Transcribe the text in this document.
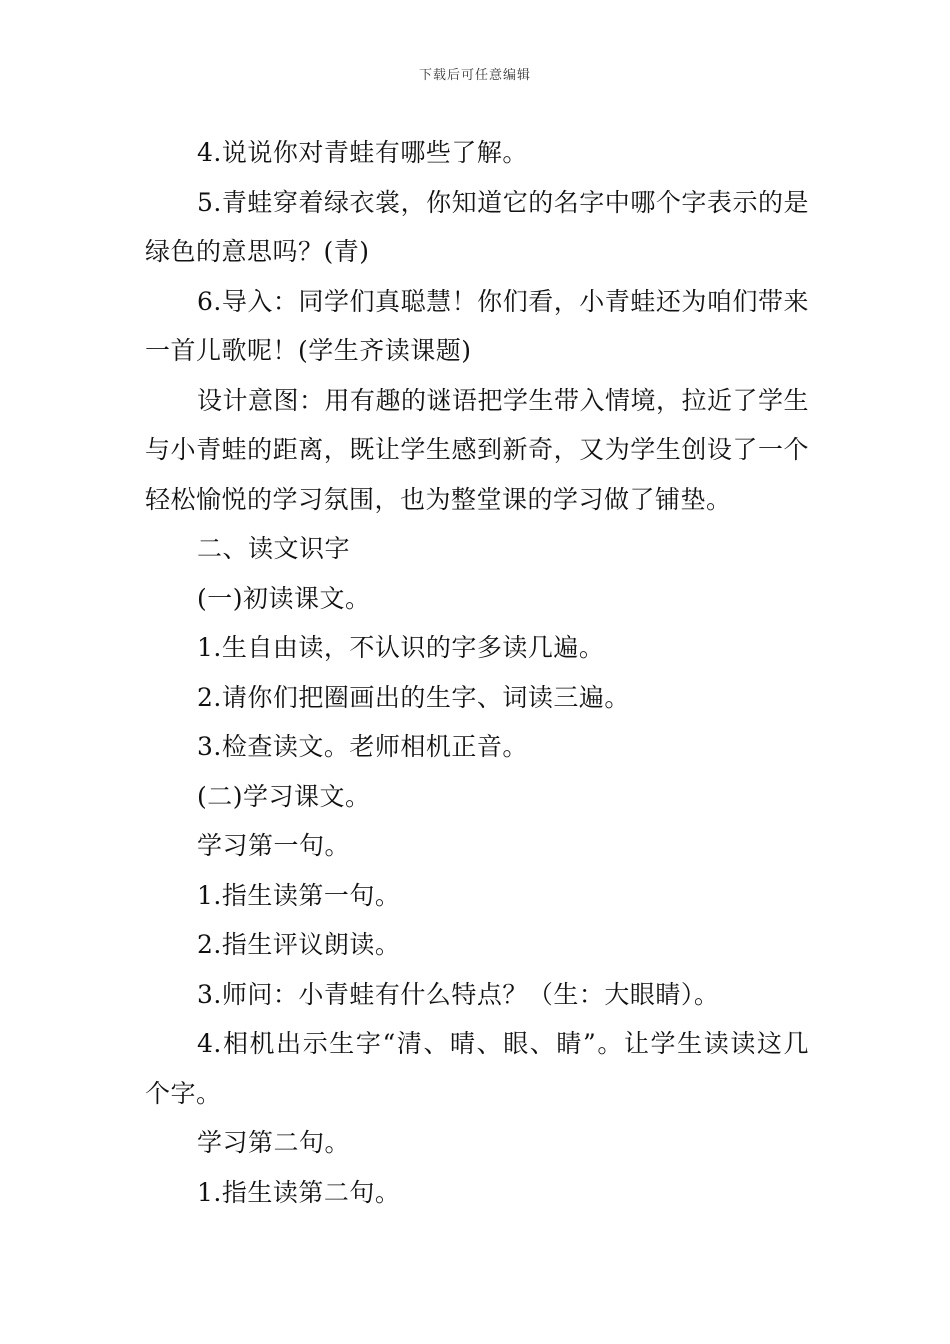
下载后可任意编辑

4.说说你对青蛙有哪些了解。

5.青蛙穿着绿衣裳，你知道它的名字中哪个字表示的是绿色的意思吗？(青)

6.导入：同学们真聪慧！你们看，小青蛙还为咱们带来一首儿歌呢！(学生齐读课题)

设计意图：用有趣的谜语把学生带入情境，拉近了学生与小青蛙的距离，既让学生感到新奇，又为学生创设了一个轻松愉悦的学习氛围，也为整堂课的学习做了铺垫。

二、读文识字

(一)初读课文。

1.生自由读，不认识的字多读几遍。

2.请你们把圈画出的生字、词读三遍。

3.检查读文。老师相机正音。

(二)学习课文。

学习第一句。

1.指生读第一句。

2.指生评议朗读。

3.师问：小青蛙有什么特点？（生：大眼睛）。

4.相机出示生字“清、晴、眼、睛”。让学生读读这几个字。

学习第二句。

1.指生读第二句。
